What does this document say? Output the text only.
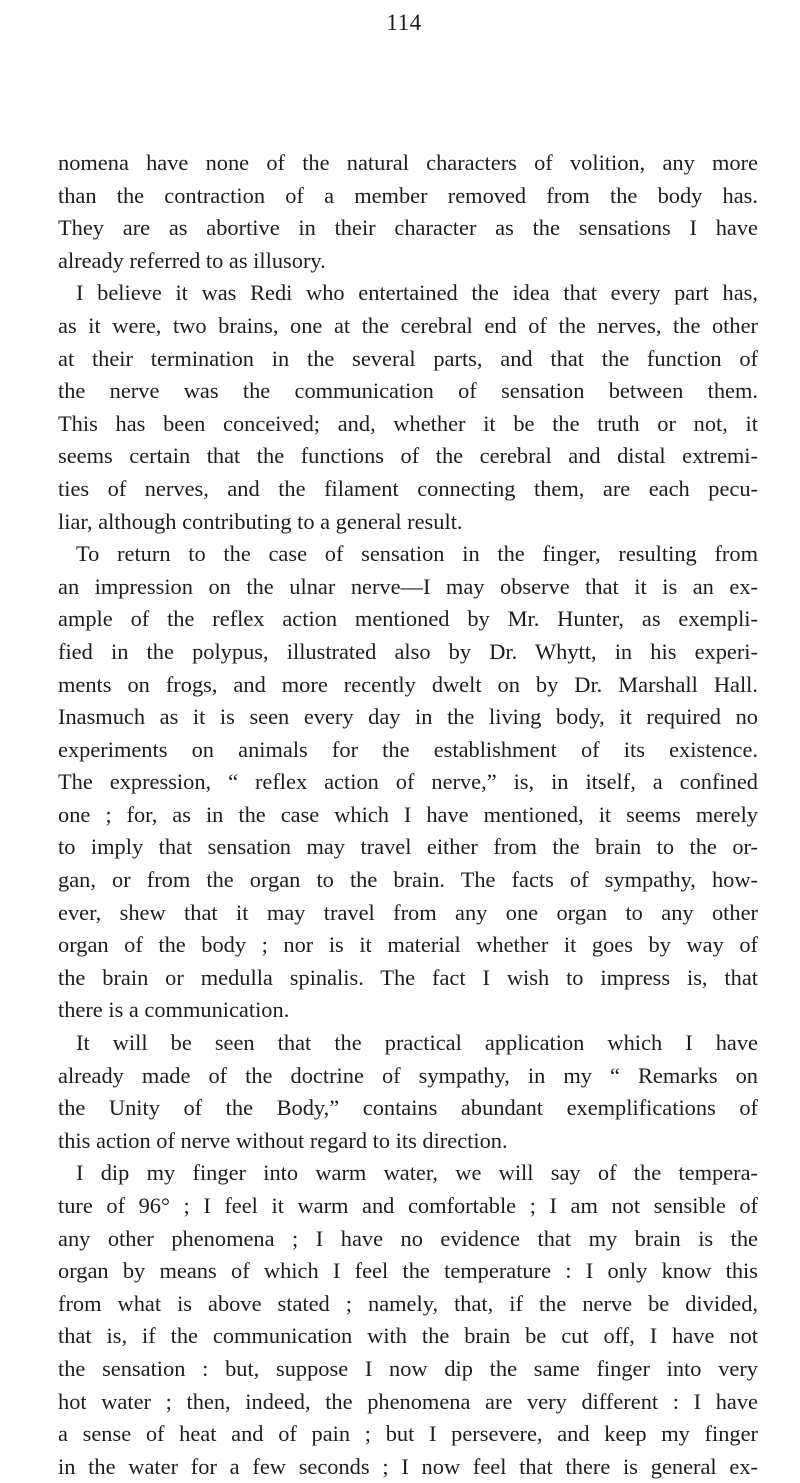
114
nomena have none of the natural characters of volition, any more
than the contraction of a member removed from the body has.
They are as abortive in their character as the sensations I have
already referred to as illusory.
I believe it was Redi who entertained the idea that every part has,
as it were, two brains, one at the cerebral end of the nerves, the other
at their termination in the several parts, and that the function of
the nerve was the communication of sensation between them.
This has been conceived; and, whether it be the truth or not, it
seems certain that the functions of the cerebral and distal extremi-
ties of nerves, and the filament connecting them, are each pecu-
liar, although contributing to a general result.
To return to the case of sensation in the finger, resulting from
an impression on the ulnar nerve—I may observe that it is an ex-
ample of the reflex action mentioned by Mr. Hunter, as exempli-
fied in the polypus, illustrated also by Dr. Whytt, in his experi-
ments on frogs, and more recently dwelt on by Dr. Marshall Hall.
Inasmuch as it is seen every day in the living body, it required no
experiments on animals for the establishment of its existence.
The expression, “ reflex action of nerve,” is, in itself, a confined
one ; for, as in the case which I have mentioned, it seems merely
to imply that sensation may travel either from the brain to the or-
gan, or from the organ to the brain. The facts of sympathy, how-
ever, shew that it may travel from any one organ to any other
organ of the body ; nor is it material whether it goes by way of
the brain or medulla spinalis. The fact I wish to impress is, that
there is a communication.
It will be seen that the practical application which I have
already made of the doctrine of sympathy, in my “ Remarks on
the Unity of the Body,” contains abundant exemplifications of
this action of nerve without regard to its direction.
I dip my finger into warm water, we will say of the tempera-
ture of 96° ; I feel it warm and comfortable ; I am not sensible of
any other phenomena ; I have no evidence that my brain is the
organ by means of which I feel the temperature : I only know this
from what is above stated ; namely, that, if the nerve be divided,
that is, if the communication with the brain be cut off, I have not
the sensation : but, suppose I now dip the same finger into very
hot water ; then, indeed, the phenomena are very different : I have
a sense of heat and of pain ; but I persevere, and keep my finger
in the water for a few seconds ; I now feel that there is general ex-
